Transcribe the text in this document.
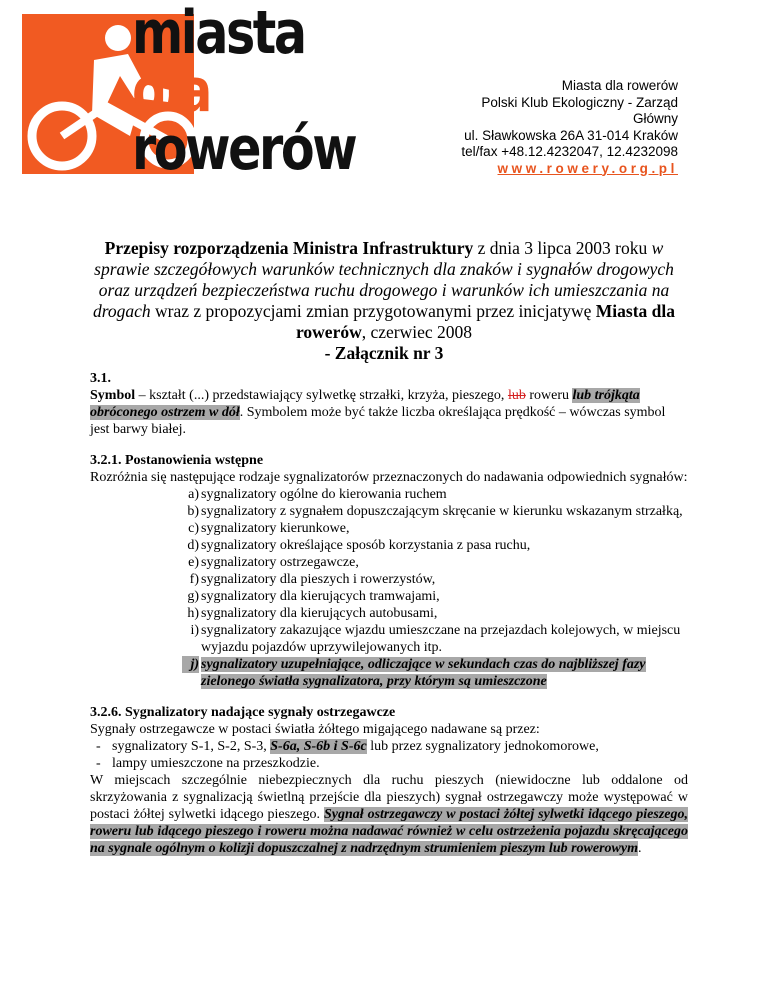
miasta
dla
rowerów
Miasta dla rowerów
Polski Klub Ekologiczny - Zarząd
Główny
ul. Sławkowska 26A 31-014 Kraków
tel/fax +48.12.4232047, 12.4232098
www.rowery.org.pl
Przepisy rozporządzenia Ministra Infrastruktury z dnia 3 lipca 2003 roku w sprawie szczegółowych warunków technicznych dla znaków i sygnałów drogowych oraz urządzeń bezpieczeństwa ruchu drogowego i warunków ich umieszczania na drogach wraz z propozycjami zmian przygotowanymi przez inicjatywę Miasta dla rowerów, czerwiec 2008
- Załącznik nr 3

3.1.

Symbol – kształt (...) przedstawiający sylwetkę strzałki, krzyża, pieszego, lub roweru lub trójkąta obróconego ostrzem w dół. Symbolem może być także liczba określająca prędkość – wówczas symbol jest barwy białej.

3.2.1. Postanowienia wstępne

Rozróżnia się następujące rodzaje sygnalizatorów przeznaczonych do nadawania odpowiednich sygnałów:

a) sygnalizatory ogólne do kierowania ruchem
b) sygnalizatory z sygnałem dopuszczającym skręcanie w kierunku wskazanym strzałką,
c) sygnalizatory kierunkowe,
d) sygnalizatory określające sposób korzystania z pasa ruchu,
e) sygnalizatory ostrzegawcze,
f) sygnalizatory dla pieszych i rowerzystów,
g) sygnalizatory dla kierujących tramwajami,
h) sygnalizatory dla kierujących autobusami,
i) sygnalizatory zakazujące wjazdu umieszczane na przejazdach kolejowych, w miejscu wyjazdu pojazdów uprzywilejowanych itp.
j) sygnalizatory uzupełniające, odliczające w sekundach czas do najbliższej fazy zielonego światła sygnalizatora, przy którym są umieszczone

3.2.6. Sygnalizatory nadające sygnały ostrzegawcze

Sygnały ostrzegawcze w postaci światła żółtego migającego nadawane są przez:

- sygnalizatory S-1, S-2, S-3, S-6a, S-6b i S-6c lub przez sygnalizatory jednokomorowe,
- lampy umieszczone na przeszkodzie.

W miejscach szczególnie niebezpiecznych dla ruchu pieszych (niewidoczne lub oddalone od skrzyżowania z sygnalizacją świetlną przejście dla pieszych) sygnał ostrzegawczy może występować w postaci żółtej sylwetki idącego pieszego. Sygnał ostrzegawczy w postaci żółtej sylwetki idącego pieszego, roweru lub idącego pieszego i roweru można nadawać również w celu ostrzeżenia pojazdu skręcającego na sygnale ogólnym o kolizji dopuszczalnej z nadrzędnym strumieniem pieszym lub rowerowym.
